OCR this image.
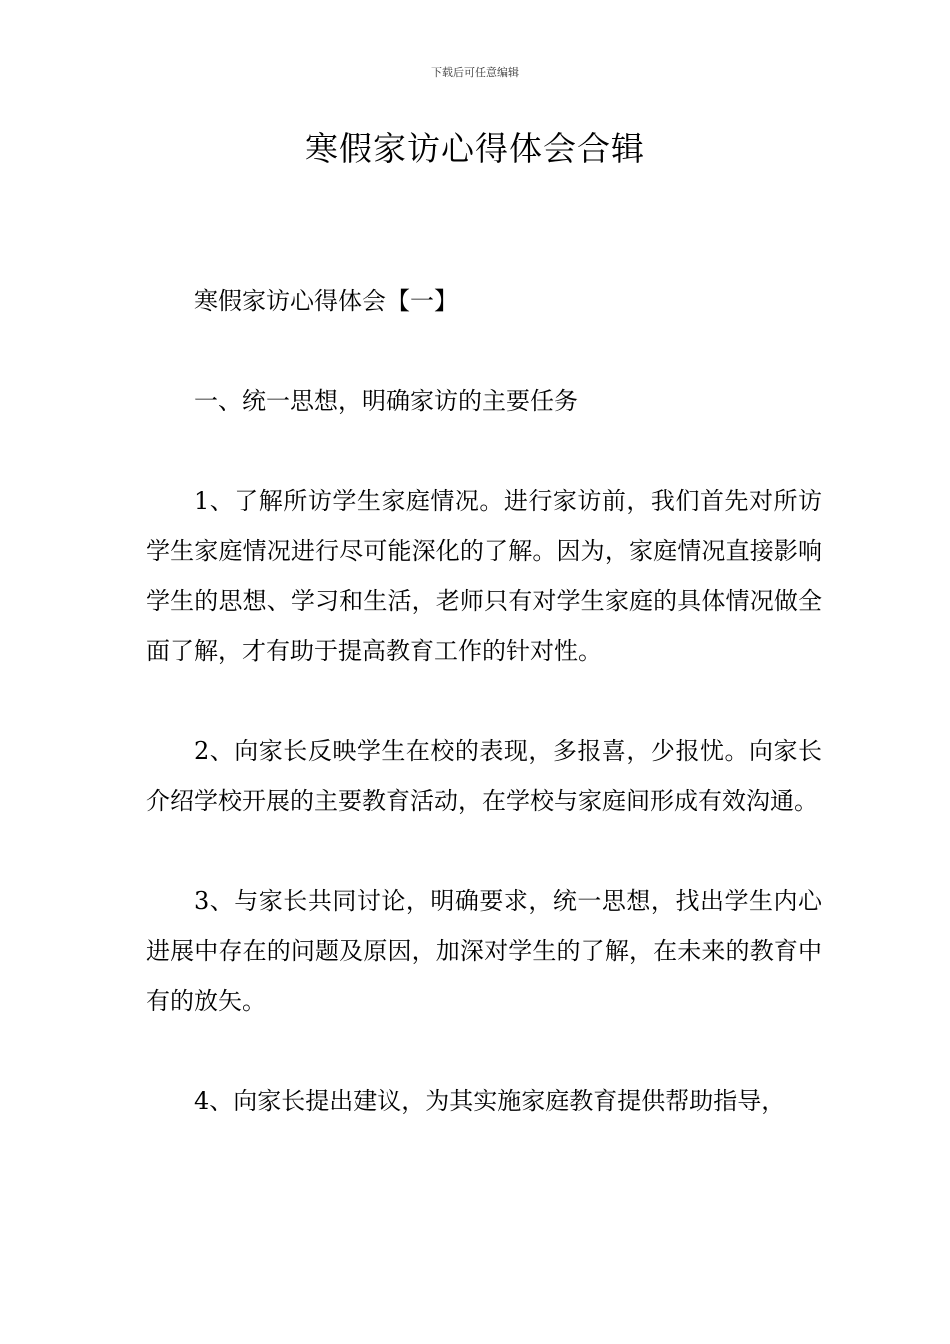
下载后可任意编辑
寒假家访心得体会合辑

寒假家访心得体会【一】

一、统一思想，明确家访的主要任务

1、了解所访学生家庭情况。进行家访前，我们首先对所访学生家庭情况进行尽可能深化的了解。因为，家庭情况直接影响学生的思想、学习和生活，老师只有对学生家庭的具体情况做全面了解，才有助于提高教育工作的针对性。

2、向家长反映学生在校的表现，多报喜，少报忧。向家长介绍学校开展的主要教育活动，在学校与家庭间形成有效沟通。

3、与家长共同讨论，明确要求，统一思想，找出学生内心进展中存在的问题及原因，加深对学生的了解，在未来的教育中有的放矢。

4、向家长提出建议，为其实施家庭教育提供帮助指导，
